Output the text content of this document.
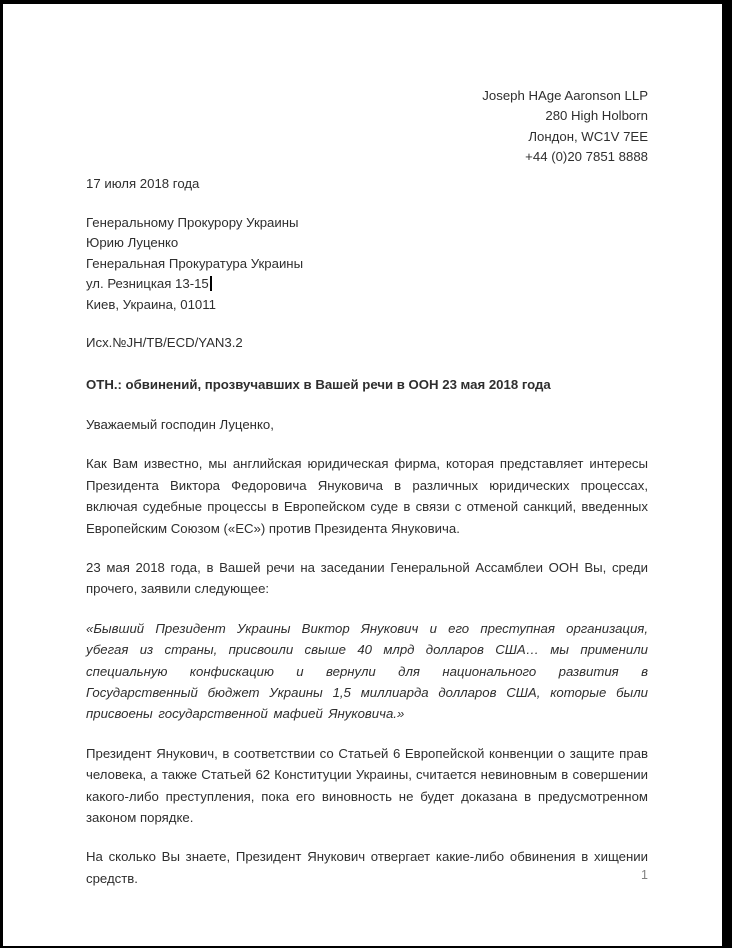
Joseph HAge Aaronson LLP
280 High Holborn
Лондон, WC1V 7EE
+44 (0)20 7851 8888
17 июля 2018 года
Генеральному Прокурору Украины
Юрию Луценко
Генеральная Прокуратура Украины
ул. Резницкая 13-15
Киев, Украина, 01011
Исх.№JH/TB/ECD/YAN3.2
ОТН.: обвинений, прозвучавших в Вашей речи в ООН 23 мая 2018 года
Уважаемый господин Луценко,
Как Вам известно, мы английская юридическая фирма, которая представляет интересы Президента Виктора Федоровича Януковича в различных юридических процессах, включая судебные процессы в Европейском суде в связи с отменой санкций, введенных Европейским Союзом («ЕС») против Президента Януковича.
23 мая 2018 года, в Вашей речи на заседании Генеральной Ассамблеи ООН Вы, среди прочего, заявили следующее:
«Бывший Президент Украины Виктор Янукович и его преступная организация, убегая из страны, присвоили свыше 40 млрд долларов США… мы применили специальную конфискацию и вернули для национального развития в Государственный бюджет Украины 1,5 миллиарда долларов США, которые были присвоены государственной мафией Януковича.»
Президент Янукович, в соответствии со Статьей 6 Европейской конвенции о защите прав человека, а также Статьей 62 Конституции Украины, считается невиновным в совершении какого-либо преступления, пока его виновность не будет доказана в предусмотренном законом порядке.
На сколько Вы знаете, Президент Янукович отвергает какие-либо обвинения в хищении средств.	1
